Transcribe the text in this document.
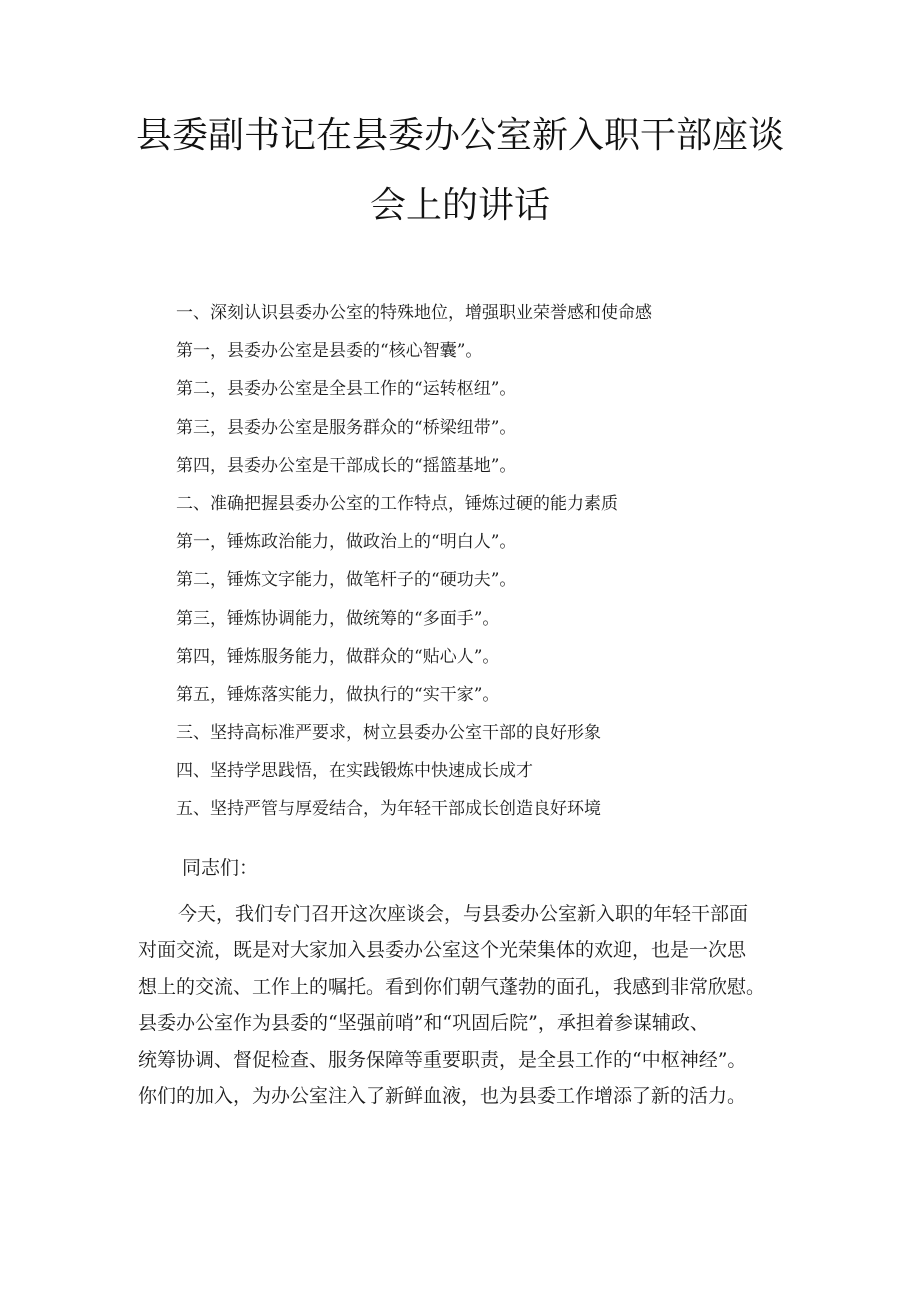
县委副书记在县委办公室新入职干部座谈
会上的讲话
一、深刻认识县委办公室的特殊地位，增强职业荣誉感和使命感
第一，县委办公室是县委的“核心智囊”。
第二，县委办公室是全县工作的“运转枢纽”。
第三，县委办公室是服务群众的“桥梁纽带”。
第四，县委办公室是干部成长的“摇篮基地”。
二、准确把握县委办公室的工作特点，锤炼过硬的能力素质
第一，锤炼政治能力，做政治上的“明白人”。
第二，锤炼文字能力，做笔杆子的“硬功夫”。
第三，锤炼协调能力，做统筹的“多面手”。
第四，锤炼服务能力，做群众的“贴心人”。
第五，锤炼落实能力，做执行的“实干家”。
三、坚持高标准严要求，树立县委办公室干部的良好形象
四、坚持学思践悟，在实践锻炼中快速成长成才
五、坚持严管与厚爱结合，为年轻干部成长创造良好环境
同志们：
今天，我们专门召开这次座谈会，与县委办公室新入职的年轻干部面
对面交流，既是对大家加入县委办公室这个光荣集体的欢迎，也是一次思
想上的交流、工作上的嘱托。看到你们朝气蓬勃的面孔，我感到非常欣慰。
县委办公室作为县委的“坚强前哨”和“巩固后院”，承担着参谋辅政、
统筹协调、督促检查、服务保障等重要职责，是全县工作的“中枢神经”。
你们的加入，为办公室注入了新鲜血液，也为县委工作增添了新的活力。
